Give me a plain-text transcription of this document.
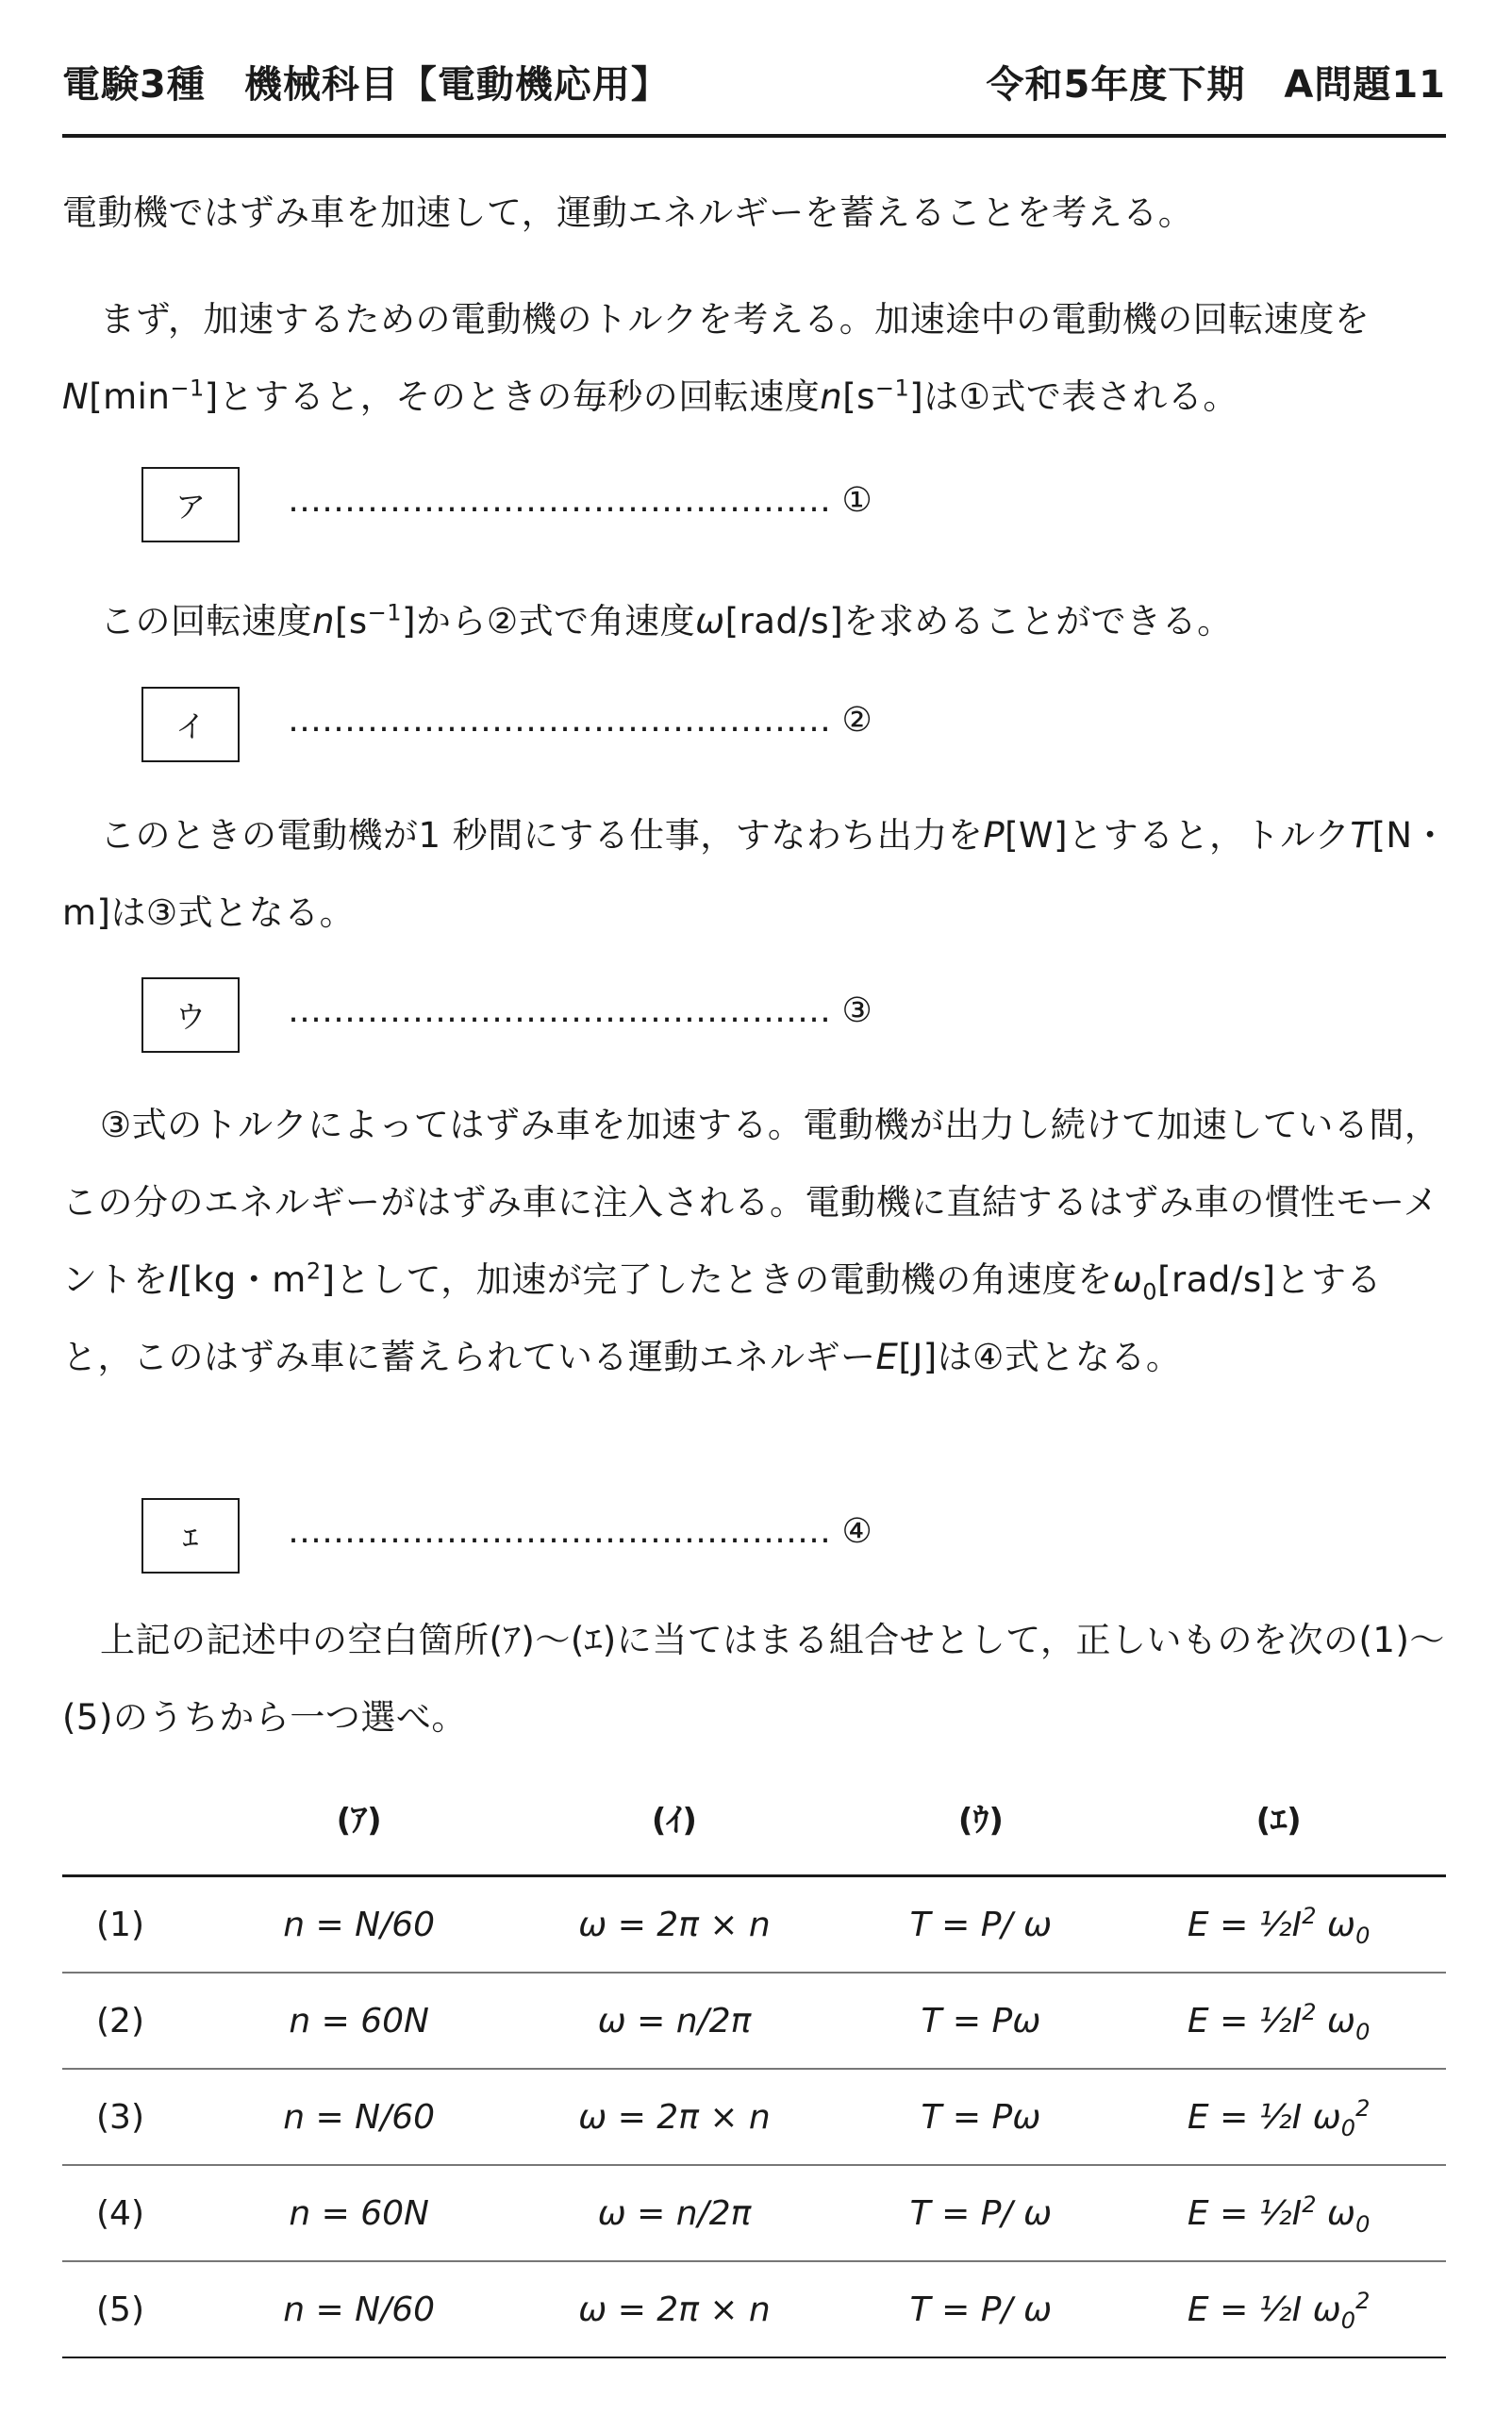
電験3種　機械科目【電動機応用】	令和5年度下期　A問題11
電動機ではずみ車を加速して，運動エネルギーを蓄えることを考える。
まず，加速するための電動機のトルクを考える。加速途中の電動機の回転速度を$N[\min^{-1}]$とすると，そのときの毎秒の回転速度$n[s^{-1}]$は①式で表される。
ア ………………………………………… ①
この回転速度$n[s^{-1}]$から②式で角速度ω[rad/s]を求めることができる。
イ ………………………………………… ②
このときの電動機が1 秒間にする仕事，すなわち出力をP[W]とすると，トルクT[N・m]は③式となる。
ウ ………………………………………… ③
③式のトルクによってはずみ車を加速する。電動機が出力し続けて加速している間，この分のエネルギーがはずみ車に注入される。電動機に直結するはずみ車の慣性モーメントをI[kg・$m^2$]として，加速が完了したときの電動機の角速度を$\omega_0[rad/s]$とすると，このはずみ車に蓄えられている運動エネルギーE[J]は④式となる。
ｴ	………………………………………… ④
上記の記述中の空白箇所(ｱ)～(ｴ)に当てはまる組合せとして，正しいものを次の(1)～(5)のうちから一つ選べ。
	(ｱ)	(ｲ)	(ｳ)	(ｴ)
(1)	n = N/60	ω = 2π × n	T = P/ ω	$E = \frac{1}{2}I^2$ $\omega_0$
(2)	n = 60N	ω = n/2π	T = Pω	$E = \frac{1}{2}I^2$ $\omega_0$
(3)	n = N/60	ω = 2π × n	T = Pω	E = ½I $\omega_0^2$
(4)	n = 60N	ω = n/2π	T = P/ ω	$E = \frac{1}{2}I^2$ $\omega_0$
(5)	n = N/60	ω = 2π × n	T = P/ ω	E = ½I $\omega_0^2$
